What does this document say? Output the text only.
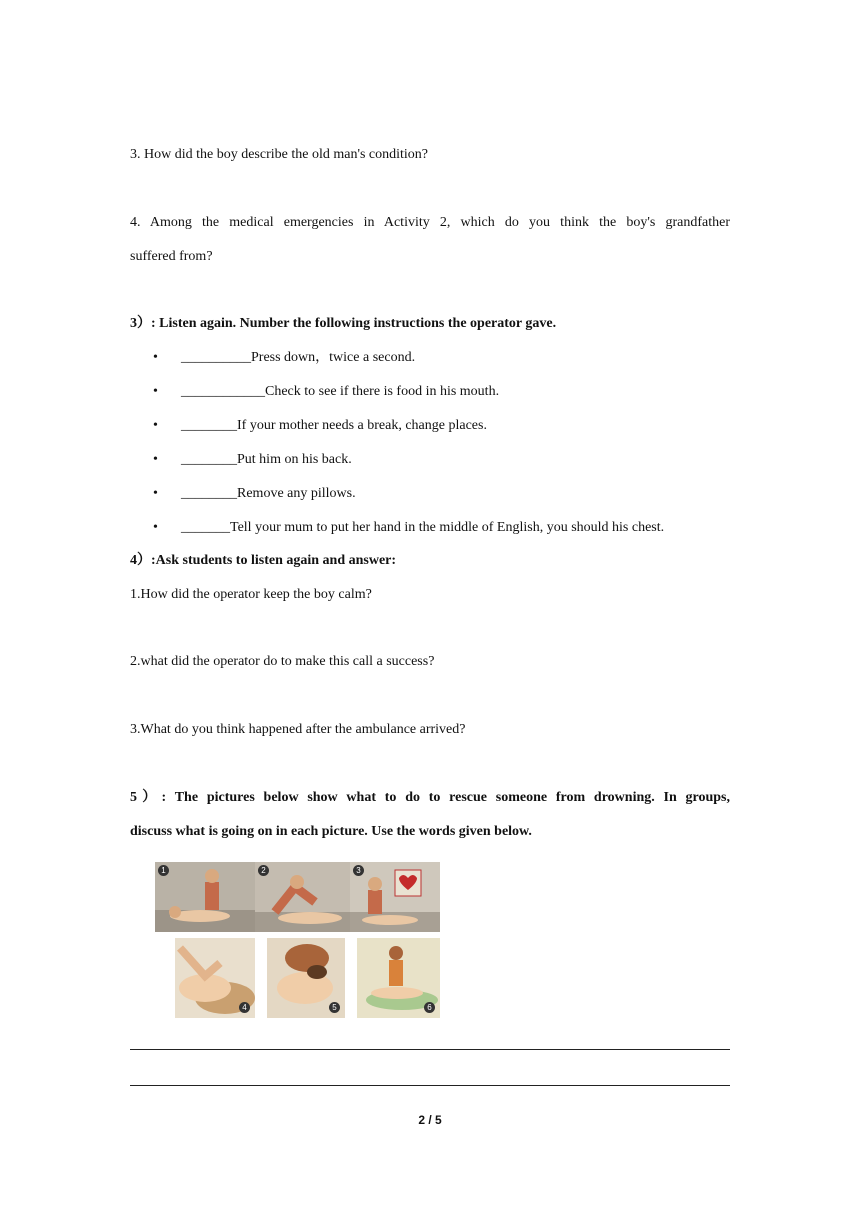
3. How did the boy describe the old man's condition?
4. Among the medical emergencies in Activity 2, which do you think the boy's grandfather
suffered from?
3）: Listen again. Number the following instructions the operator gave.
• __________Press down，twice a second.
• ____________Check to see if there is food in his mouth.
• ________If your mother needs a break, change places.
• ________Put him on his back.
• ________Remove any pillows.
• _______Tell your mum to put her hand in the middle of English, you should his chest.
4）:Ask students to listen again and answer:
1.How did the operator keep the boy calm?
2.what did the operator do to make this call a success?
3.What do you think happened after the ambulance arrived?
5）: The pictures below show what to do to rescue someone from drowning. In groups,
discuss what is going on in each picture. Use the words given below.
1	2	3
4	5	6
2 / 5
